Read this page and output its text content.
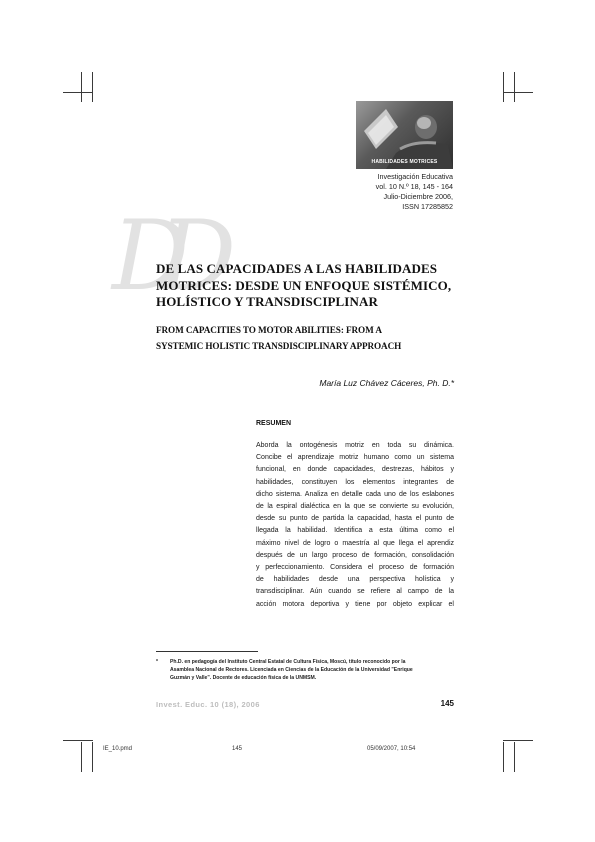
HABILIDADES MOTRICES
Investigación Educativa
vol. 10 N.º 18, 145 - 164
Julio-Diciembre 2006,
ISSN 17285852
DD
DE LAS CAPACIDADES A LAS HABILIDADES
MOTRICES: DESDE UN ENFOQUE SISTÉMICO,
HOLÍSTICO Y TRANSDISCIPLINAR
FROM CAPACITIES TO MOTOR ABILITIES: FROM A
SYSTEMIC HOLISTIC TRANSDISCIPLINARY APPROACH
María Luz Chávez Cáceres, Ph. D.*
RESUMEN
Aborda la ontogénesis motriz en toda su dinámica.
Concibe el aprendizaje motriz humano como un sistema
funcional, en donde capacidades, destrezas, hábitos y
habilidades, constituyen los elementos integrantes de
dicho sistema. Analiza en detalle cada uno de los eslabones
de la espiral dialéctica en la que se convierte su evolución,
desde su punto de partida la capacidad, hasta el punto de
llegada la habilidad. Identifica a esta última como el
máximo nivel de logro o maestría al que llega el aprendiz
después de un largo proceso de formación, consolidación
y perfeccionamiento. Considera el proceso de formación
de habilidades desde una perspectiva holística y
transdisciplinar. Aún cuando se refiere al campo de la
acción motora deportiva y tiene por objeto explicar el
* Ph.D. en pedagogía del Instituto Central Estatal de Cultura Física, Moscú, título reconocido por la
Asamblea Nacional de Rectores. Licenciada en Ciencias de la Educación de la Universidad "Enrique
Guzmán y Valle". Docente de educación física de la UNMSM.
Invest. Educ. 10 (18), 2006	145
IE_10.pmd	145	05/09/2007, 10:54
